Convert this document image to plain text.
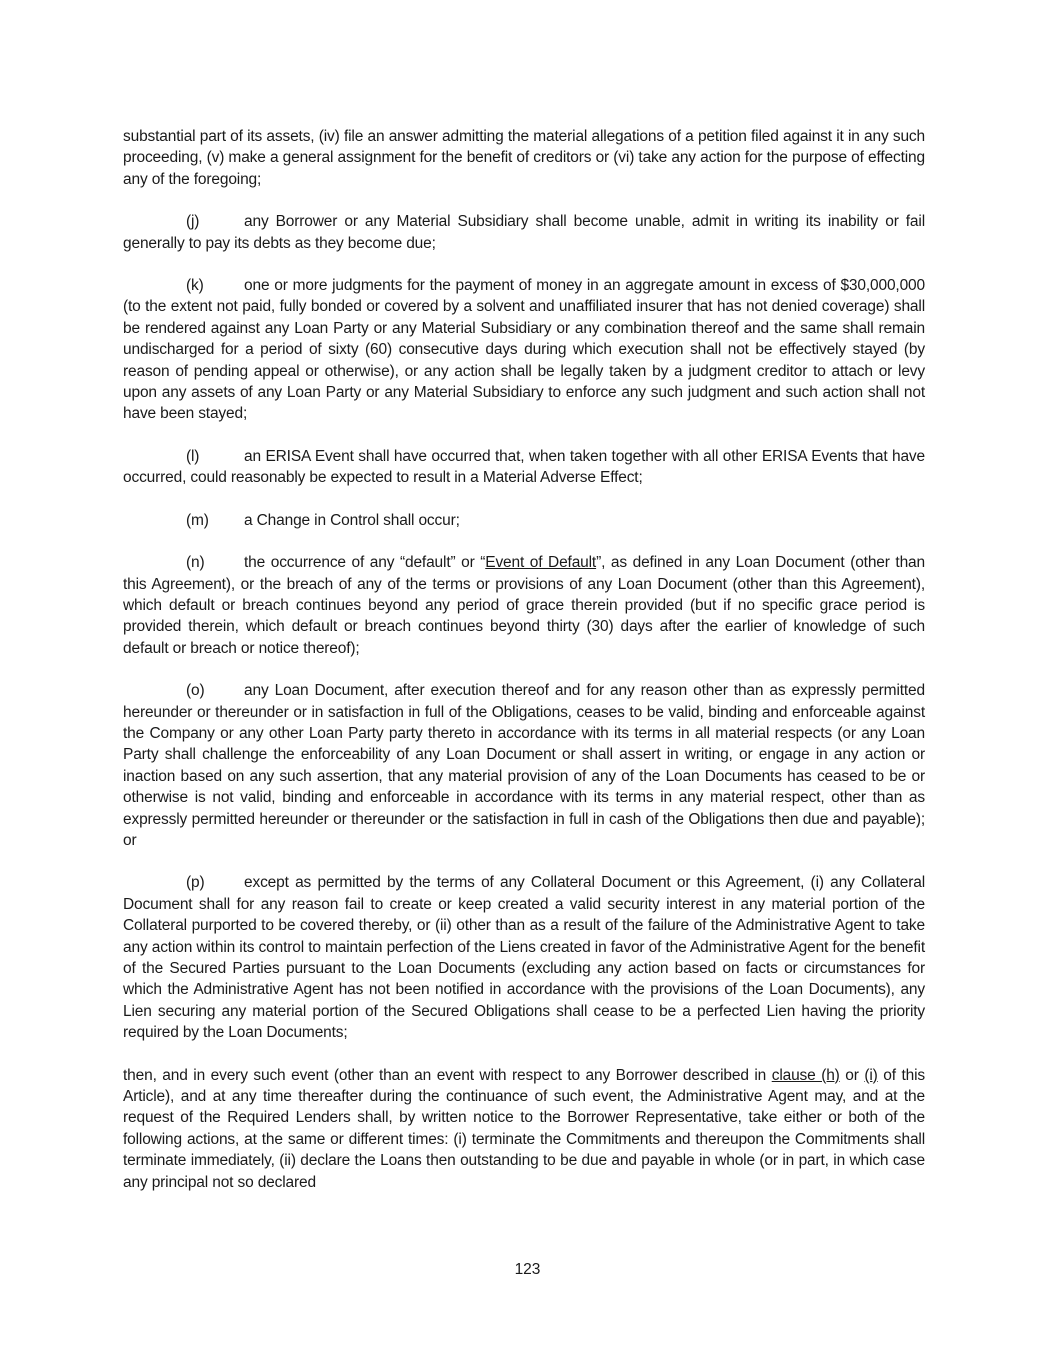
substantial part of its assets, (iv) file an answer admitting the material allegations of a petition filed against it in any such proceeding, (v) make a general assignment for the benefit of creditors or (vi) take any action for the purpose of effecting any of the foregoing;

(j)	any Borrower or any Material Subsidiary shall become unable, admit in writing its inability or fail generally to pay its debts as they become due;

(k)	one or more judgments for the payment of money in an aggregate amount in excess of $30,000,000 (to the extent not paid, fully bonded or covered by a solvent and unaffiliated insurer that has not denied coverage) shall be rendered against any Loan Party or any Material Subsidiary or any combination thereof and the same shall remain undischarged for a period of sixty (60) consecutive days during which execution shall not be effectively stayed (by reason of pending appeal or otherwise), or any action shall be legally taken by a judgment creditor to attach or levy upon any assets of any Loan Party or any Material Subsidiary to enforce any such judgment and such action shall not have been stayed;

(l)	an ERISA Event shall have occurred that, when taken together with all other ERISA Events that have occurred, could reasonably be expected to result in a Material Adverse Effect;

(m) a Change in Control shall occur;

(n)	the occurrence of any “default” or “Event of Default”, as defined in any Loan Document (other than this Agreement), or the breach of any of the terms or provisions of any Loan Document (other than this Agreement), which default or breach continues beyond any period of grace therein provided (but if no specific grace period is provided therein, which default or breach continues beyond thirty (30) days after the earlier of knowledge of such default or breach or notice thereof);

(o)	any Loan Document, after execution thereof and for any reason other than as expressly permitted hereunder or thereunder or in satisfaction in full of the Obligations, ceases to be valid, binding and enforceable against the Company or any other Loan Party party thereto in accordance with its terms in all material respects (or any Loan Party shall challenge the enforceability of any Loan Document or shall assert in writing, or engage in any action or inaction based on any such assertion, that any material provision of any of the Loan Documents has ceased to be or otherwise is not valid, binding and enforceable in accordance with its terms in any material respect, other than as expressly permitted hereunder or thereunder or the satisfaction in full in cash of the Obligations then due and payable); or

(p)	except as permitted by the terms of any Collateral Document or this Agreement, (i) any Collateral Document shall for any reason fail to create or keep created a valid security interest in any material portion of the Collateral purported to be covered thereby, or (ii) other than as a result of the failure of the Administrative Agent to take any action within its control to maintain perfection of the Liens created in favor of the Administrative Agent for the benefit of the Secured Parties pursuant to the Loan Documents (excluding any action based on facts or circumstances for which the Administrative Agent has not been notified in accordance with the provisions of the Loan Documents), any Lien securing any material portion of the Secured Obligations shall cease to be a perfected Lien having the priority required by the Loan Documents;

then, and in every such event (other than an event with respect to any Borrower described in clause (h) or (i) of this Article), and at any time thereafter during the continuance of such event, the Administrative Agent may, and at the request of the Required Lenders shall, by written notice to the Borrower Representative, take either or both of the following actions, at the same or different times: (i) terminate the Commitments and thereupon the Commitments shall terminate immediately, (ii) declare the Loans then outstanding to be due and payable in whole (or in part, in which case any principal not so declared

123
